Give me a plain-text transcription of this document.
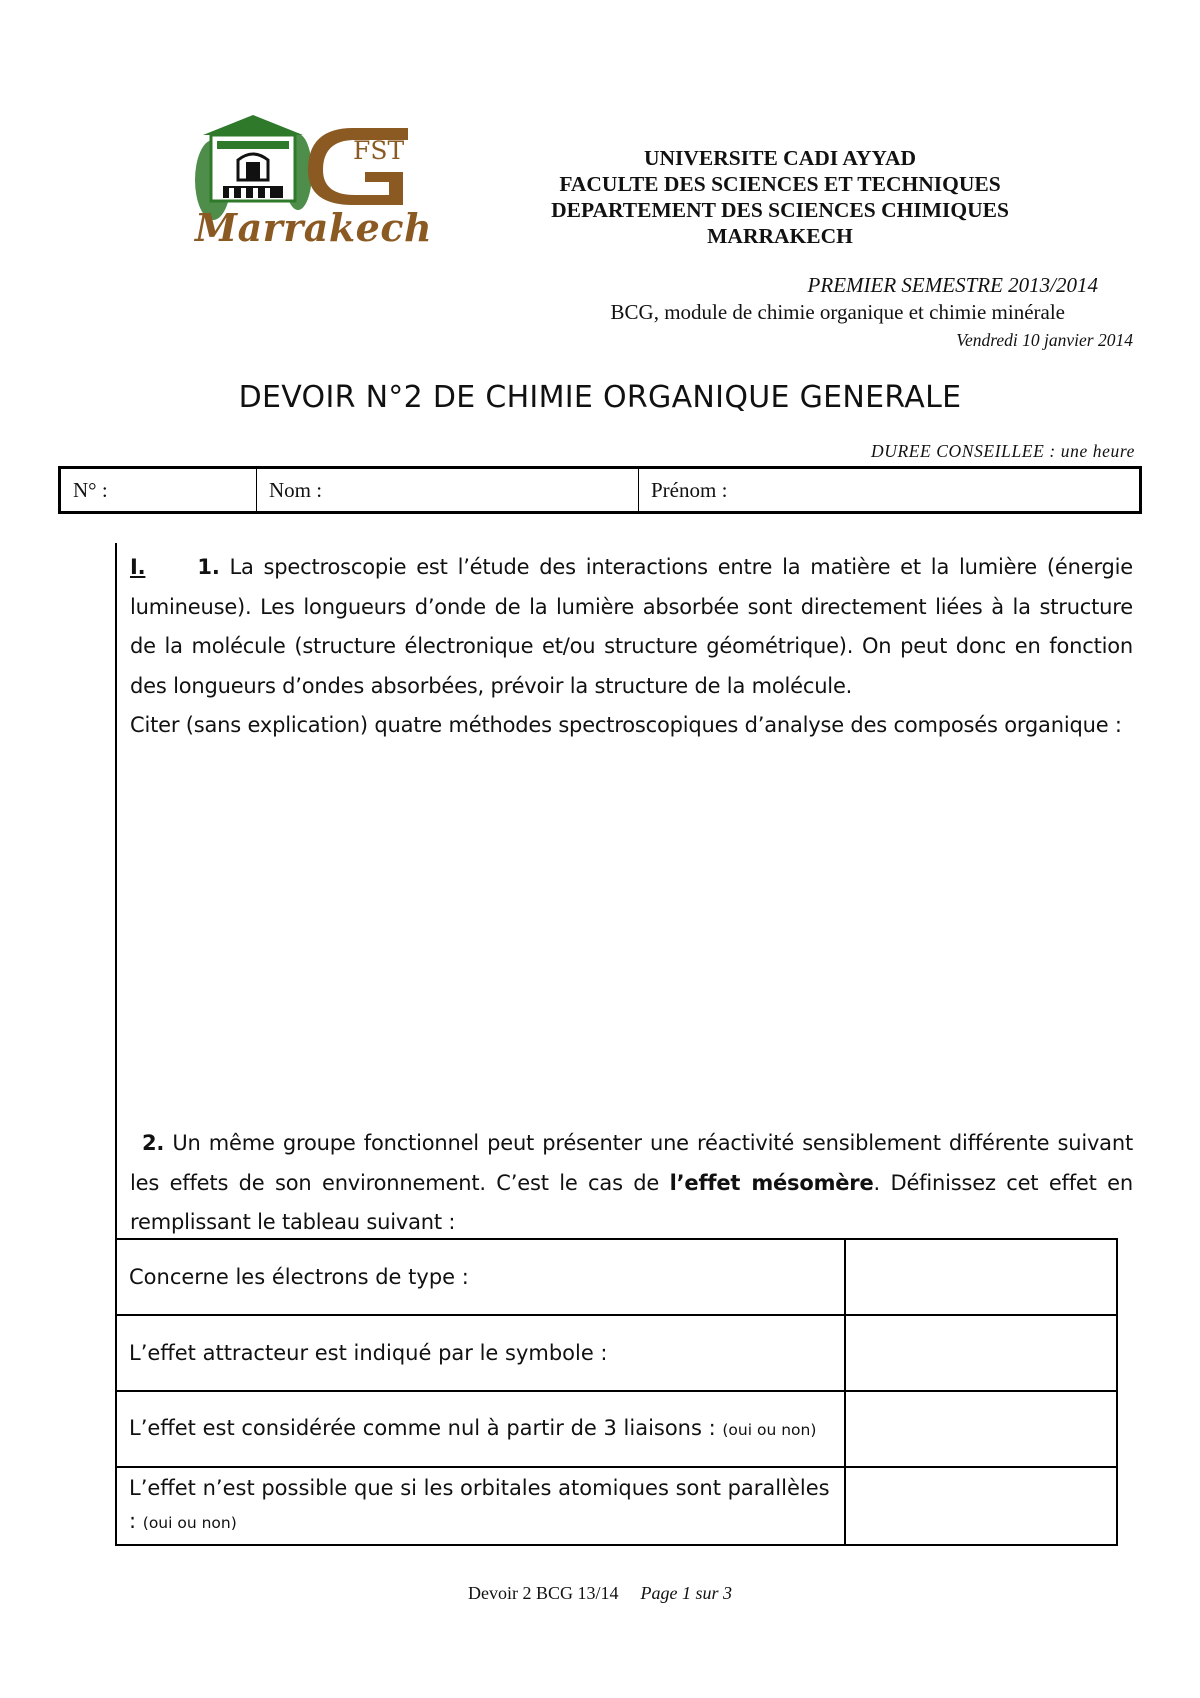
FST
Marrakech
UNIVERSITE CADI AYYAD
FACULTE DES SCIENCES ET TECHNIQUES
DEPARTEMENT DES SCIENCES CHIMIQUES
MARRAKECH
PREMIER SEMESTRE 2013/2014
BCG, module de chimie organique et chimie minérale
Vendredi 10 janvier 2014
DEVOIR N°2 DE CHIMIE ORGANIQUE GENERALE
DUREE CONSEILLEE : une heure
N° :	Nom :	Prénom :

I. 1. La spectroscopie est l’étude des interactions entre la matière et la lumière (énergie lumineuse). Les longueurs d’onde de la lumière absorbée sont directement liées à la structure de la molécule (structure électronique et/ou structure géométrique). On peut donc en fonction des longueurs d’ondes absorbées, prévoir la structure de la molécule.

Citer (sans explication) quatre méthodes spectroscopiques d’analyse des composés organique :

2. Un même groupe fonctionnel peut présenter une réactivité sensiblement différente suivant les effets de son environnement. C’est le cas de l’effet mésomère. Définissez cet effet en remplissant le tableau suivant :

Concerne les électrons de type :	
L’effet attracteur est indiqué par le symbole :	
L’effet est considérée comme nul à partir de 3 liaisons : (oui ou non)	
L’effet n’est possible que si les orbitales atomiques sont parallèles : (oui ou non)	
Devoir 2 BCG 13/14 Page 1 sur 3
